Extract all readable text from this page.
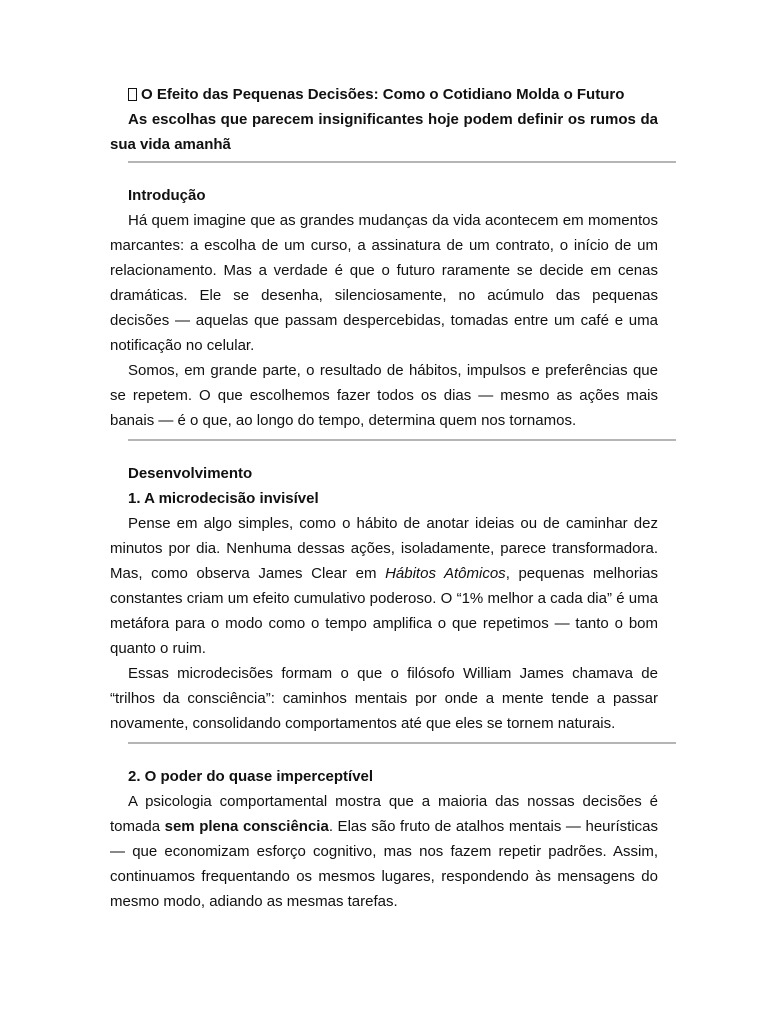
O Efeito das Pequenas Decisões: Como o Cotidiano Molda o Futuro

As escolhas que parecem insignificantes hoje podem definir os rumos da sua vida amanhã

Introdução

Há quem imagine que as grandes mudanças da vida acontecem em momentos marcantes: a escolha de um curso, a assinatura de um contrato, o início de um relacionamento. Mas a verdade é que o futuro raramente se decide em cenas dramáticas. Ele se desenha, silenciosamente, no acúmulo das pequenas decisões — aquelas que passam despercebidas, tomadas entre um café e uma notificação no celular.

Somos, em grande parte, o resultado de hábitos, impulsos e preferências que se repetem. O que escolhemos fazer todos os dias — mesmo as ações mais banais — é o que, ao longo do tempo, determina quem nos tornamos.

Desenvolvimento

1. A microdecisão invisível

Pense em algo simples, como o hábito de anotar ideias ou de caminhar dez minutos por dia. Nenhuma dessas ações, isoladamente, parece transformadora. Mas, como observa James Clear em Hábitos Atômicos, pequenas melhorias constantes criam um efeito cumulativo poderoso. O “1% melhor a cada dia” é uma metáfora para o modo como o tempo amplifica o que repetimos — tanto o bom quanto o ruim.

Essas microdecisões formam o que o filósofo William James chamava de “trilhos da consciência”: caminhos mentais por onde a mente tende a passar novamente, consolidando comportamentos até que eles se tornem naturais.

2. O poder do quase imperceptível

A psicologia comportamental mostra que a maioria das nossas decisões é tomada sem plena consciência. Elas são fruto de atalhos mentais — heurísticas — que economizam esforço cognitivo, mas nos fazem repetir padrões. Assim, continuamos frequentando os mesmos lugares, respondendo às mensagens do mesmo modo, adiando as mesmas tarefas.
